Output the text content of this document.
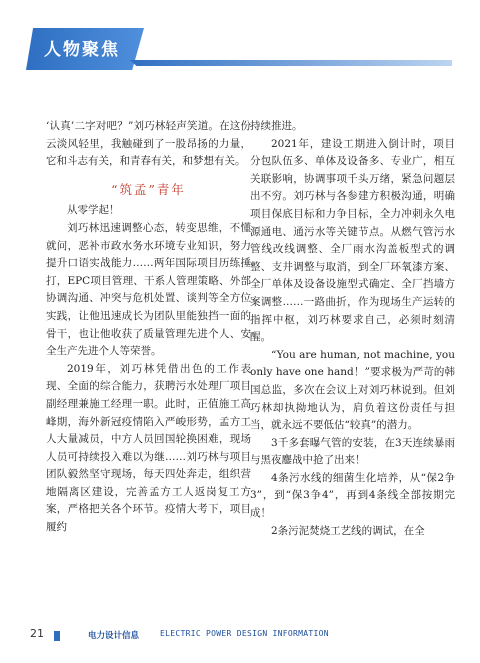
人物聚焦

‘认真’二字对吧？”刘巧林轻声笑道。在这份云淡风轻里，我触碰到了一股昂扬的力量，它和斗志有关，和青春有关，和梦想有关。

“筑孟”青年

从零学起！

刘巧林迅速调整心态，转变思维，不懂就问，恶补市政水务水环境专业知识，努力提升口语实战能力……两年国际项目历练捶打，EPC项目管理、干系人管理策略、外部协调沟通、冲突与危机处置、谈判等全方位实践，让他迅速成长为团队里能独挡一面的骨干，也让他收获了质量管理先进个人、安全生产先进个人等荣誉。

2019年，刘巧林凭借出色的工作表现、全面的综合能力，获聘污水处理厂项目副经理兼施工经理一职。此时，正值施工高峰期，海外新冠疫情陷入严峻形势，孟方工人大量减员，中方人员回国轮换困难，现场人员可持续投入难以为继……刘巧林与项目团队毅然坚守现场，每天四处奔走，组织营地隔离区建设，完善孟方工人返岗复工方案，严格把关各个环节。疫情大考下，项目履约

持续推进。

2021年，建设工期进入倒计时，项目分包队伍多、单体及设备多、专业广，相互关联影响，协调事项千头万绪，紧急问题层出不穷。刘巧林与各参建方积极沟通，明确项目保底目标和力争目标，全力冲刺永久电源通电、通污水等关键节点。从燃气管污水管线改线调整、全厂雨水沟盖板型式的调整、支井调整与取消，到全厂环氧漆方案、全厂单体及设备设施型式确定、全厂挡墙方案调整……一路曲折，作为现场生产运转的指挥中枢，刘巧林要求自己，必须时刻清醒。

“You are human, not machine, you only have one hand！”要求极为严苛的韩国总监，多次在会议上对刘巧林说到。但刘巧林却执拗地认为，肩负着这份责任与担当，就永远不要低估“较真”的潜力。

3千多套曝气管的安装，在3天连续暴雨与黑夜鏖战中抢了出来！

4条污水线的细菌生化培养，从“保2争3”，到“保3争4”，再到4条线全部按期完成！

2条污泥焚烧工艺线的调试，在全

21	电力设计信息	ELECTRIC POWER DESIGN INFORMATION
